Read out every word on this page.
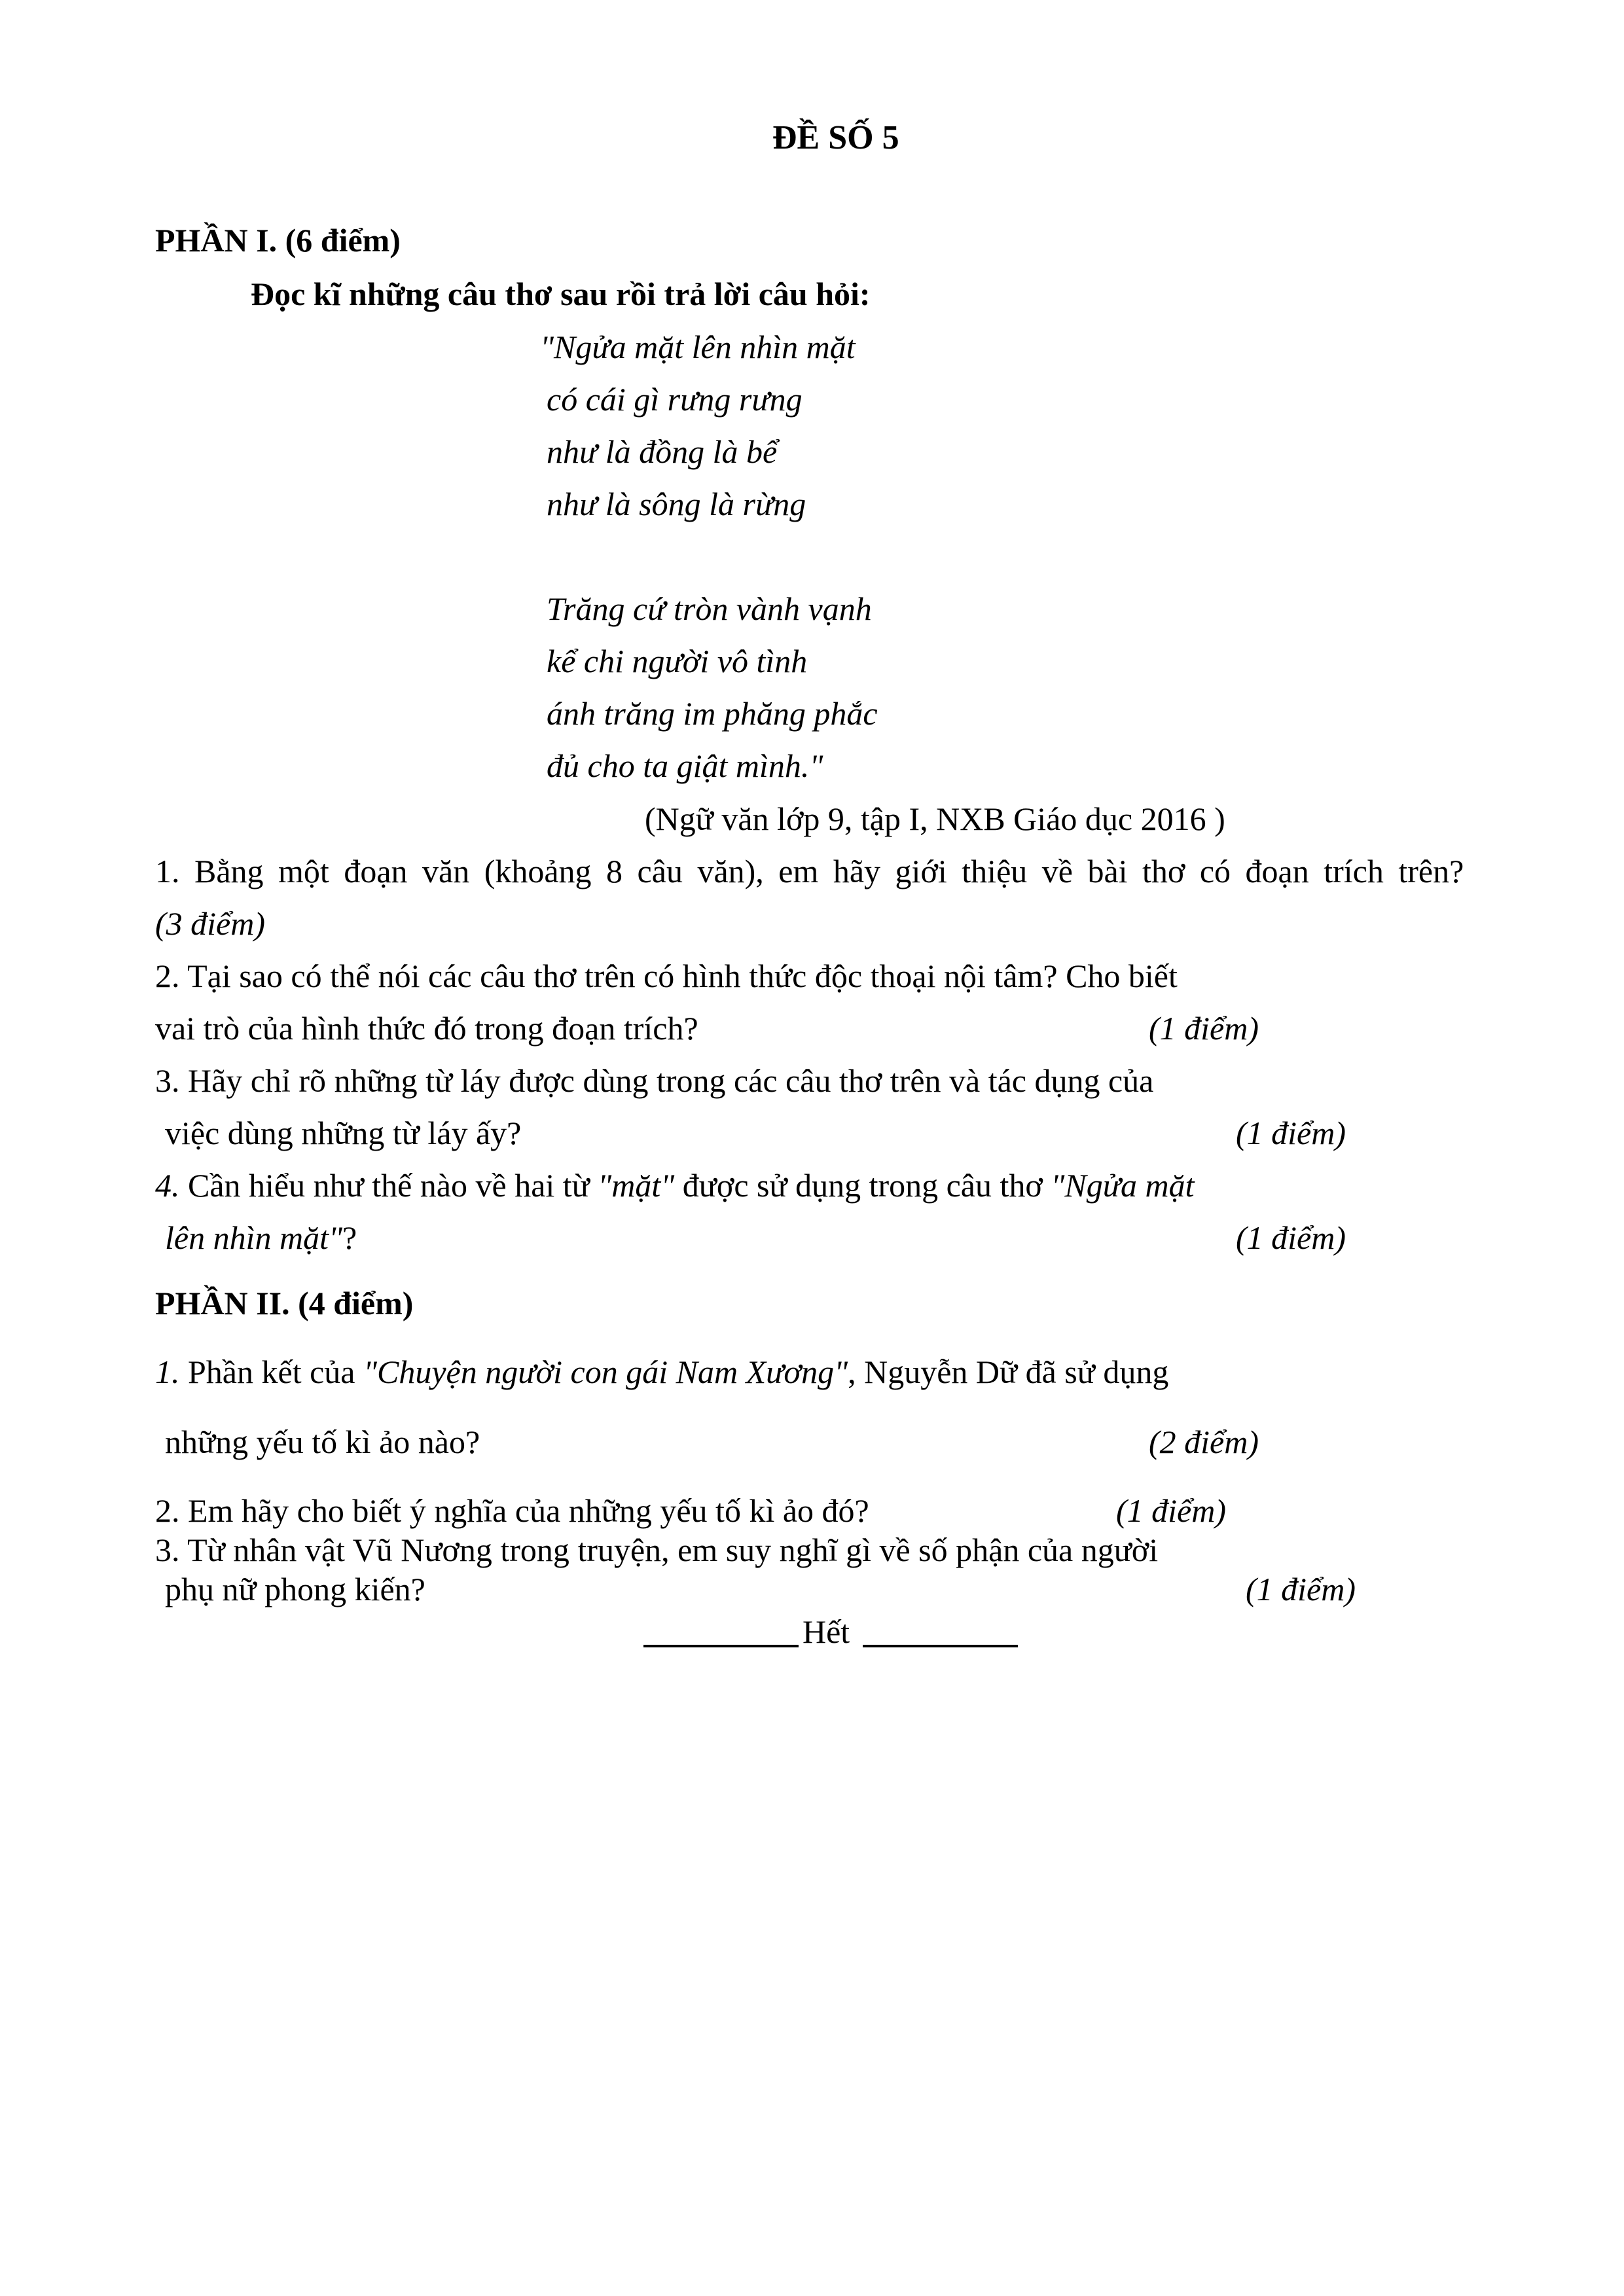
ĐỀ SỐ 5
PHẦN I. (6 điểm)
Đọc kĩ những câu thơ sau rồi trả lời câu hỏi:
"Ngửa mặt lên nhìn mặt
có cái gì rưng rưng
như là đồng là bể
như là sông là rừng
Trăng cứ tròn vành vạnh
kể chi người vô tình
ánh trăng im phăng phắc
đủ cho ta giật mình."
(Ngữ văn lớp 9, tập I, NXB Giáo dục 2016 )
1. Bằng một đoạn văn (khoảng 8 câu văn), em hãy giới thiệu về bài thơ có đoạn trích trên?
(3 điểm)
2. Tại sao có thể nói các câu thơ trên có hình thức độc thoại nội tâm? Cho biết
vai trò của hình thức đó trong đoạn trích?	(1 điểm)
3. Hãy chỉ rõ những từ láy được dùng trong các câu thơ trên và tác dụng của
việc dùng những từ láy ấy?	(1 điểm)
4. Cần hiểu như thế nào về hai từ "mặt" được sử dụng trong câu thơ "Ngửa mặt
lên nhìn mặt"?	(1 điểm)
PHẦN II. (4 điểm)
1. Phần kết của "Chuyện người con gái Nam Xương", Nguyễn Dữ đã sử dụng
những yếu tố kì ảo nào?	(2 điểm)
2. Em hãy cho biết ý nghĩa của những yếu tố kì ảo đó?	(1 điểm)
3. Từ nhân vật Vũ Nương trong truyện, em suy nghĩ gì về số phận của người
phụ nữ phong kiến?	(1 điểm)
Hết
